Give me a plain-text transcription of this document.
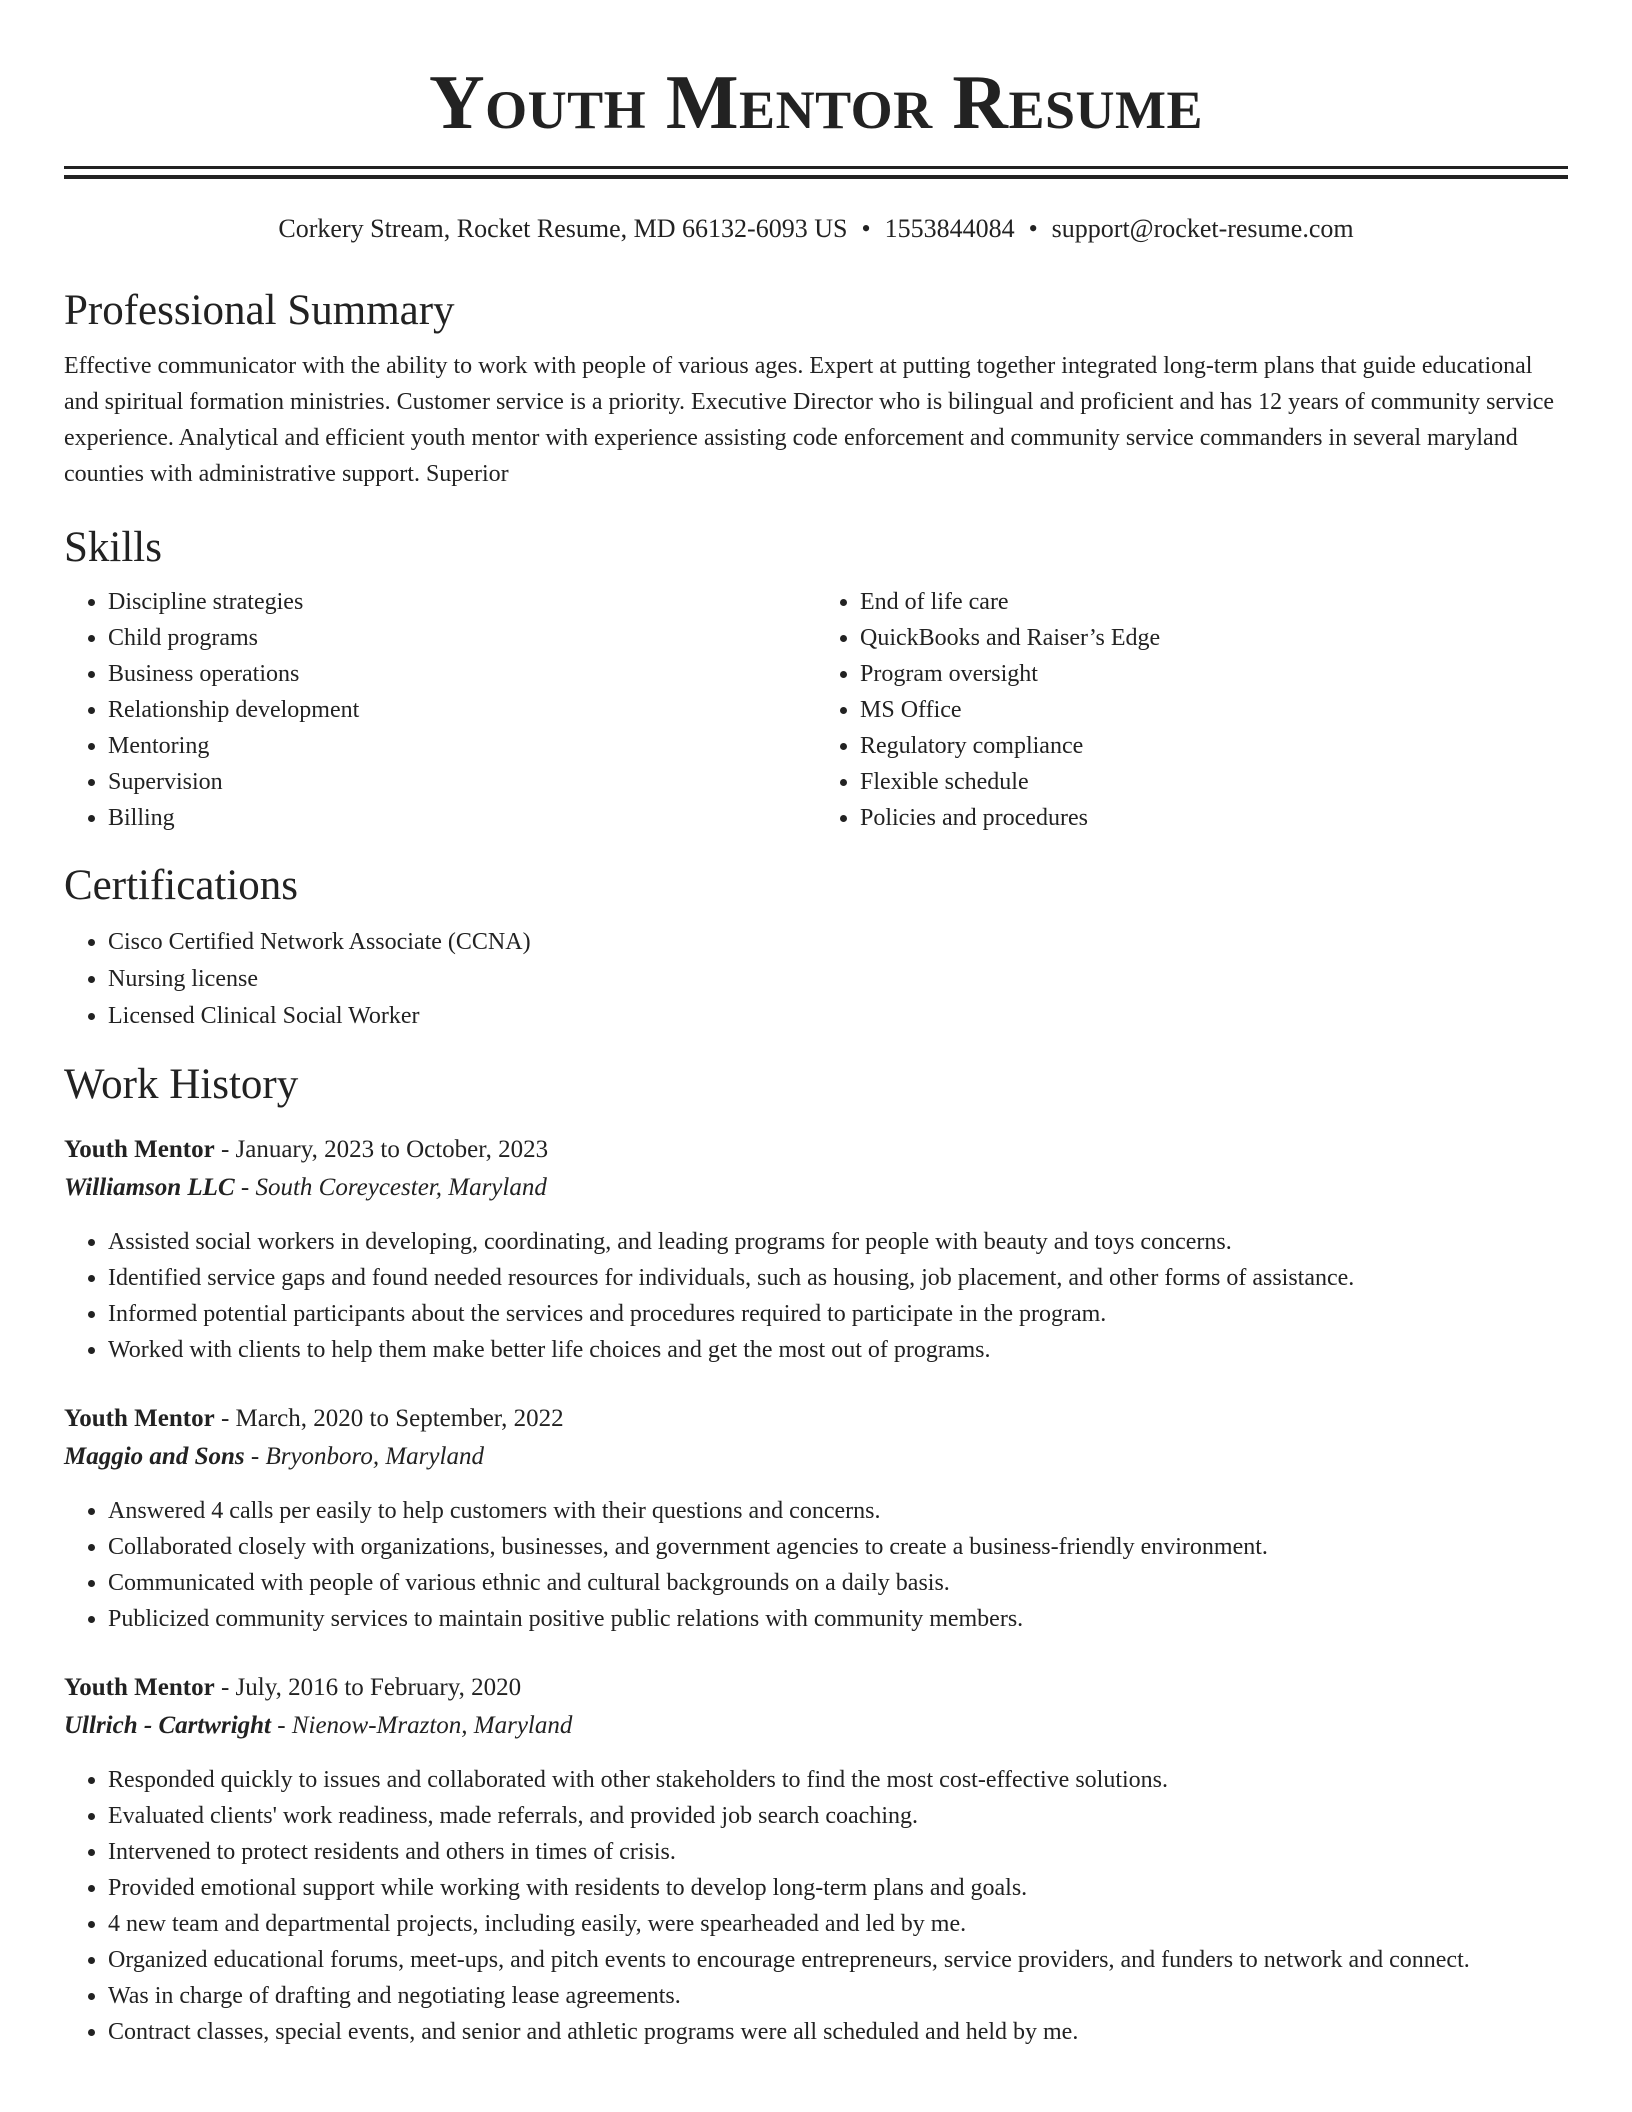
Youth Mentor Resume
Corkery Stream, Rocket Resume, MD 66132-6093 US • 1553844084 • support@rocket-resume.com
Professional Summary

Effective communicator with the ability to work with people of various ages. Expert at putting together integrated long-term plans that guide educational and spiritual formation ministries. Customer service is a priority. Executive Director who is bilingual and proficient and has 12 years of community service experience. Analytical and efficient youth mentor with experience assisting code enforcement and community service commanders in several maryland counties with administrative support. Superior

Skills
• Discipline strategies
• Child programs
• Business operations
• Relationship development
• Mentoring
• Supervision
• Billing
• End of life care
• QuickBooks and Raiser’s Edge
• Program oversight
• MS Office
• Regulatory compliance
• Flexible schedule
• Policies and procedures
Certifications
• Cisco Certified Network Associate (CCNA)
• Nursing license
• Licensed Clinical Social Worker
Work History
Youth Mentor - January, 2023 to October, 2023
Williamson LLC - South Coreycester, Maryland
• Assisted social workers in developing, coordinating, and leading programs for people with beauty and toys concerns.
• Identified service gaps and found needed resources for individuals, such as housing, job placement, and other forms of assistance.
• Informed potential participants about the services and procedures required to participate in the program.
• Worked with clients to help them make better life choices and get the most out of programs.
Youth Mentor - March, 2020 to September, 2022
Maggio and Sons - Bryonboro, Maryland
• Answered 4 calls per easily to help customers with their questions and concerns.
• Collaborated closely with organizations, businesses, and government agencies to create a business-friendly environment.
• Communicated with people of various ethnic and cultural backgrounds on a daily basis.
• Publicized community services to maintain positive public relations with community members.
Youth Mentor - July, 2016 to February, 2020
Ullrich - Cartwright - Nienow-Mrazton, Maryland
• Responded quickly to issues and collaborated with other stakeholders to find the most cost-effective solutions.
• Evaluated clients' work readiness, made referrals, and provided job search coaching.
• Intervened to protect residents and others in times of crisis.
• Provided emotional support while working with residents to develop long-term plans and goals.
• 4 new team and departmental projects, including easily, were spearheaded and led by me.
• Organized educational forums, meet-ups, and pitch events to encourage entrepreneurs, service providers, and funders to network and connect.
• Was in charge of drafting and negotiating lease agreements.
• Contract classes, special events, and senior and athletic programs were all scheduled and held by me.
